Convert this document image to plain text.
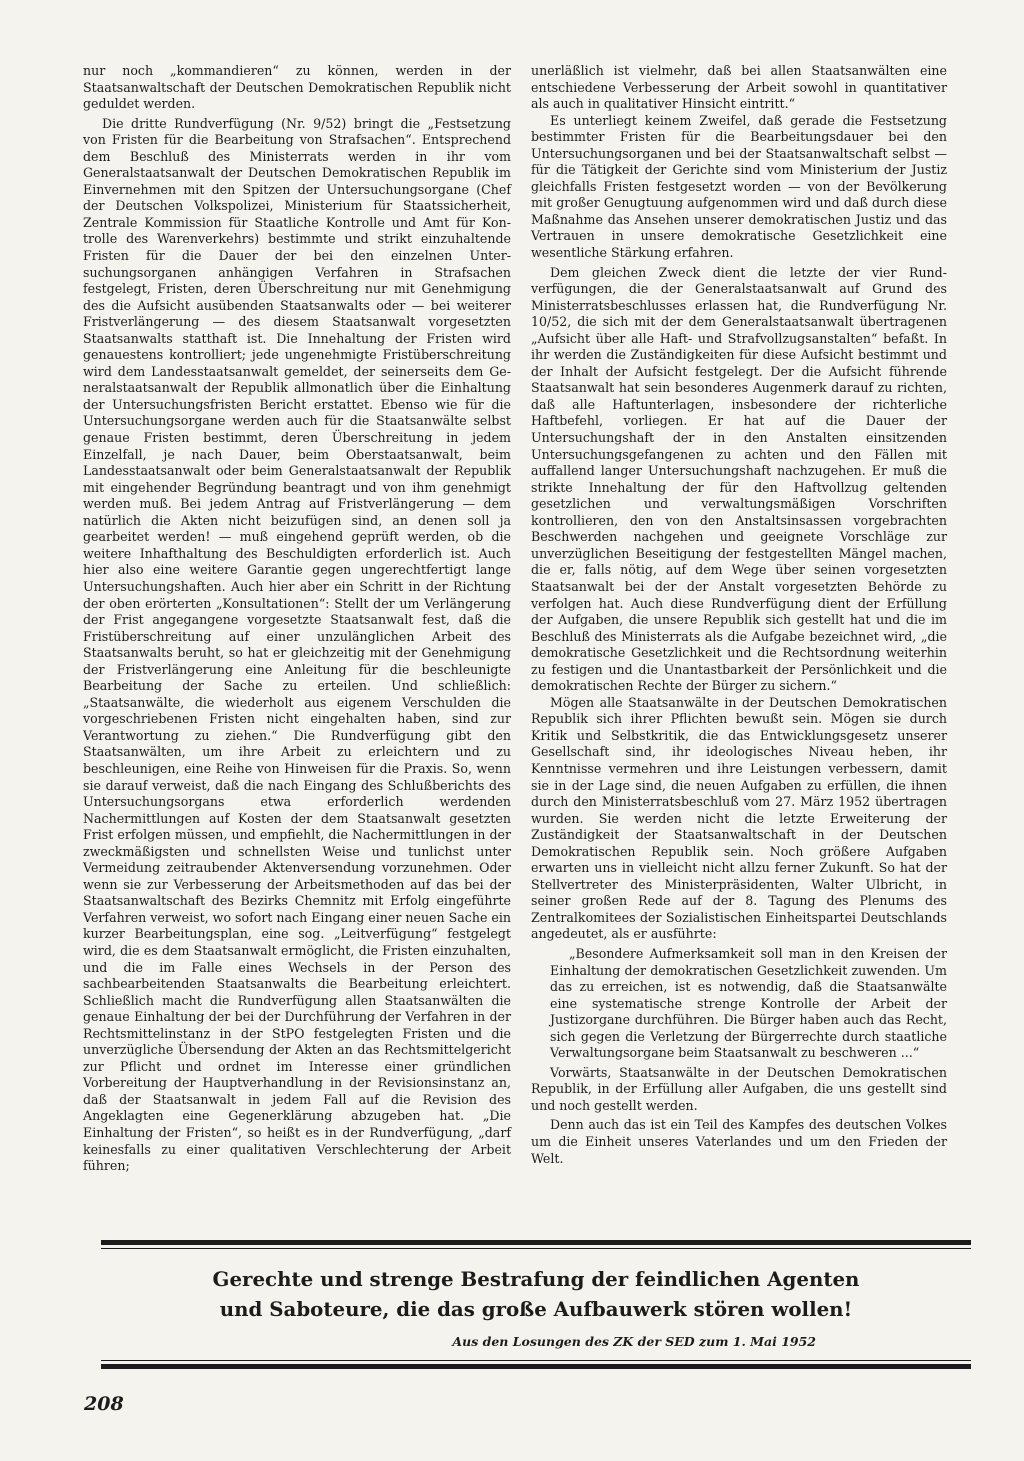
nur noch „kommandieren“ zu können, werden in der Staatsanwaltschaft der Deutschen Demokratischen Republik nicht geduldet werden.

Die dritte Rundverfügung (Nr. 9/52) bringt die „Festsetzung von Fristen für die Bearbeitung von Strafsachen“. Entsprechend dem Beschluß des Ministerrats werden in ihr vom Generalstaatsanwalt der Deutschen Demokratischen Republik im Einvernehmen mit den Spitzen der Untersuchungsorgane (Chef der Deutschen Volkspolizei, Ministerium für Staatssicherheit, Zentrale Kommission für Staatliche Kontrolle und Amt für Kontrolle des Warenverkehrs) bestimmte und strikt einzuhaltende Fristen für die Dauer der bei den einzelnen Untersuchungsorganen anhängigen Verfahren in Strafsachen festgelegt, Fristen, deren Überschreitung nur mit Genehmigung des die Aufsicht ausübenden Staatsanwalts oder — bei weiterer Fristverlängerung — des diesem Staatsanwalt vorgesetzten Staatsanwalts statthaft ist. Die Innehaltung der Fristen wird genauestens kontrolliert; jede ungenehmigte Fristüberschreitung wird dem Landesstaatsanwalt gemeldet, der seinerseits dem Generalstaatsanwalt der Republik allmonatlich über die Einhaltung der Untersuchungsfristen Bericht erstattet. Ebenso wie für die Untersuchungsorgane werden auch für die Staatsanwälte selbst genaue Fristen bestimmt, deren Überschreitung in jedem Einzelfall, je nach Dauer, beim Oberstaatsanwalt, beim Landesstaatsanwalt oder beim Generalstaatsanwalt der Republik mit eingehender Begründung beantragt und von ihm genehmigt werden muß. Bei jedem Antrag auf Fristverlängerung — dem natürlich die Akten nicht beizufügen sind, an denen soll ja gearbeitet werden! — muß eingehend geprüft werden, ob die weitere Inhafthaltung des Beschuldigten erforderlich ist. Auch hier also eine weitere Garantie gegen ungerechtfertigt lange Untersuchungshaften. Auch hier aber ein Schritt in der Richtung der oben erörterten „Konsultationen“: Stellt der um Verlängerung der Frist angegangene vorgesetzte Staatsanwalt fest, daß die Fristüberschreitung auf einer unzulänglichen Arbeit des Staatsanwalts beruht, so hat er gleichzeitig mit der Genehmigung der Fristverlängerung eine Anleitung für die beschleunigte Bearbeitung der Sache zu erteilen. Und schließlich: „Staatsanwälte, die wiederholt aus eigenem Verschulden die vorgeschriebenen Fristen nicht eingehalten haben, sind zur Verantwortung zu ziehen.“ Die Rundverfügung gibt den Staatsanwälten, um ihre Arbeit zu erleichtern und zu beschleunigen, eine Reihe von Hinweisen für die Praxis. So, wenn sie darauf verweist, daß die nach Eingang des Schlußberichts des Untersuchungsorgans etwa erforderlich werdenden Nachermittlungen auf Kosten der dem Staatsanwalt gesetzten Frist erfolgen müssen, und empfiehlt, die Nachermittlungen in der zweckmäßigsten und schnellsten Weise und tunlichst unter Vermeidung zeitraubender Aktenversendung vorzunehmen. Oder wenn sie zur Verbesserung der Arbeitsmethoden auf das bei der Staatsanwaltschaft des Bezirks Chemnitz mit Erfolg eingeführte Verfahren verweist, wo sofort nach Eingang einer neuen Sache ein kurzer Bearbeitungsplan, eine sog. „Leitverfügung“ festgelegt wird, die es dem Staatsanwalt ermöglicht, die Fristen einzuhalten, und die im Falle eines Wechsels in der Person des sachbearbeitenden Staatsanwalts die Bearbeitung erleichtert. Schließlich macht die Rundverfügung allen Staatsanwälten die genaue Einhaltung der bei der Durchführung der Verfahren in der Rechtsmittelinstanz in der StPO festgelegten Fristen und die unverzügliche Übersendung der Akten an das Rechtsmittelgericht zur Pflicht und ordnet im Interesse einer gründlichen Vorbereitung der Hauptverhandlung in der Revisionsinstanz an, daß der Staatsanwalt in jedem Fall auf die Revision des Angeklagten eine Gegenerklärung abzugeben hat. „Die Einhaltung der Fristen“, so heißt es in der Rundverfügung, „darf keinesfalls zu einer qualitativen Verschlechterung der Arbeit führen;

unerläßlich ist vielmehr, daß bei allen Staatsanwälten eine entschiedene Verbesserung der Arbeit sowohl in quantitativer als auch in qualitativer Hinsicht eintritt.“

Es unterliegt keinem Zweifel, daß gerade die Festsetzung bestimmter Fristen für die Bearbeitungsdauer bei den Untersuchungsorganen und bei der Staatsanwaltschaft selbst — für die Tätigkeit der Gerichte sind vom Ministerium der Justiz gleichfalls Fristen festgesetzt worden — von der Bevölkerung mit großer Genugtuung aufgenommen wird und daß durch diese Maßnahme das Ansehen unserer demokratischen Justiz und das Vertrauen in unsere demokratische Gesetzlichkeit eine wesentliche Stärkung erfahren.

Dem gleichen Zweck dient die letzte der vier Rundverfügungen, die der Generalstaatsanwalt auf Grund des Ministerratsbeschlusses erlassen hat, die Rundverfügung Nr. 10/52, die sich mit der dem Generalstaatsanwalt übertragenen „Aufsicht über alle Haft- und Strafvollzugsanstalten“ befaßt. In ihr werden die Zuständigkeiten für diese Aufsicht bestimmt und der Inhalt der Aufsicht festgelegt. Der die Aufsicht führende Staatsanwalt hat sein besonderes Augenmerk darauf zu richten, daß alle Haftunterlagen, insbesondere der richterliche Haftbefehl, vorliegen. Er hat auf die Dauer der Untersuchungshaft der in den Anstalten einsitzenden Untersuchungsgefangenen zu achten und den Fällen mit auffallend langer Untersuchungshaft nachzugehen. Er muß die strikte Innehaltung der für den Haftvollzug geltenden gesetzlichen und verwaltungsmäßigen Vorschriften kontrollieren, den von den Anstaltsinsassen vorgebrachten Beschwerden nachgehen und geeignete Vorschläge zur unverzüglichen Beseitigung der festgestellten Mängel machen, die er, falls nötig, auf dem Wege über seinen vorgesetzten Staatsanwalt bei der der Anstalt vorgesetzten Behörde zu verfolgen hat. Auch diese Rundverfügung dient der Erfüllung der Aufgaben, die unsere Republik sich gestellt hat und die im Beschluß des Ministerrats als die Aufgabe bezeichnet wird, „die demokratische Gesetzlichkeit und die Rechtsordnung weiterhin zu festigen und die Unantastbarkeit der Persönlichkeit und die demokratischen Rechte der Bürger zu sichern.“

Mögen alle Staatsanwälte in der Deutschen Demokratischen Republik sich ihrer Pflichten bewußt sein. Mögen sie durch Kritik und Selbstkritik, die das Entwicklungsgesetz unserer Gesellschaft sind, ihr ideologisches Niveau heben, ihr Kenntnisse vermehren und ihre Leistungen verbessern, damit sie in der Lage sind, die neuen Aufgaben zu erfüllen, die ihnen durch den Ministerratsbeschluß vom 27. März 1952 übertragen wurden. Sie werden nicht die letzte Erweiterung der Zuständigkeit der Staatsanwaltschaft in der Deutschen Demokratischen Republik sein. Noch größere Aufgaben erwarten uns in vielleicht nicht allzu ferner Zukunft. So hat der Stellvertreter des Ministerpräsidenten, Walter Ulbricht, in seiner großen Rede auf der 8. Tagung des Plenums des Zentralkomitees der Sozialistischen Einheitspartei Deutschlands angedeutet, als er ausführte:

„Besondere Aufmerksamkeit soll man in den Kreisen der Einhaltung der demokratischen Gesetzlichkeit zuwenden. Um das zu erreichen, ist es notwendig, daß die Staatsanwälte eine systematische strenge Kontrolle der Arbeit der Justizorgane durchführen. Die Bürger haben auch das Recht, sich gegen die Verletzung der Bürgerrechte durch staatliche Verwaltungsorgane beim Staatsanwalt zu beschweren ...“

Vorwärts, Staatsanwälte in der Deutschen Demokratischen Republik, in der Erfüllung aller Aufgaben, die uns gestellt sind und noch gestellt werden.

Denn auch das ist ein Teil des Kampfes des deutschen Volkes um die Einheit unseres Vaterlandes und um den Frieden der Welt.

Gerechte und strenge Bestrafung der feindlichen Agenten
und Saboteure, die das große Aufbauwerk stören wollen!
Aus den Losungen des ZK der SED zum 1. Mai 1952
208
